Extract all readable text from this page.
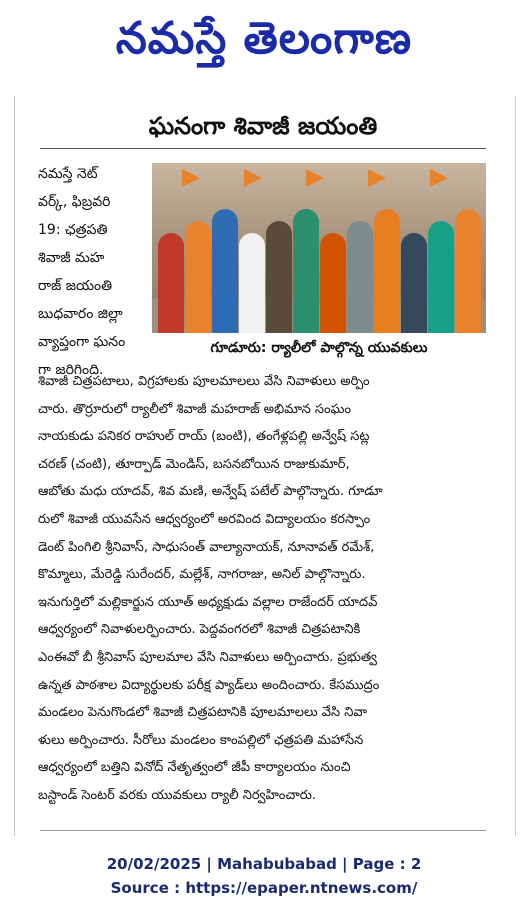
నమస్తే తెలంగాణ
ఘనంగా శివాజీ జయంతి
గూడూరు: ర్యాలీలో పాల్గొన్న యువకులు
నమస్తే నెట్
వర్క్, ఫిబ్రవరి
19: ఛత్రపతి
శివాజీ మహ
రాజ్ జయంతి
బుధవారం జిల్లా
వ్యాప్తంగా ఘనం
గా జరిగింది.
శివాజీ చిత్రపటాలు, విగ్రహాలకు పూలమాలలు వేసి నివాళులు అర్పిం
చారు. తొర్రూరులో ర్యాలీలో శివాజీ మహరాజ్ అభిమాన సంఘం
నాయకుడు పనికర రాహుల్ రాయ్ (బంటి), తంగేళ్లపల్లి అన్వేష్ సట్ల
చరణ్ (చంటి), తూర్పాడ్ మెండిస్, బసనబోయిన రాజుకుమార్,
ఆబోతు మధు యాదవ్, శివ మణి, అన్వేష్ పటేల్ పాల్గొన్నారు. గూడూ
రులో శివాజీ యువసేన ఆధ్వర్యంలో అరవింద విద్యాలయం కరస్పాం
డెంట్ పింగిలి శ్రీనివాస్, సాధుసంత్ వాల్యానాయక్, నూనావత్ రమేశ్,
కొమ్మాలు, మేరెడ్డి సురేందర్, మల్లేశ్, నాగరాజు, అనిల్ పాల్గొన్నారు.
ఇనుగుర్తిలో మల్లికార్జున యూత్ అధ్యక్షుడు వల్లాల రాజేందర్ యాదవ్
ఆధ్వర్యంలో నివాళులర్పించారు. పెద్దవంగరలో శివాజీ చిత్రపటానికి
ఎంఈవో బీ శ్రీనివాస్ పూలమాల వేసి నివాళులు అర్పించారు. ప్రభుత్వ
ఉన్నత పాఠశాల విద్యార్థులకు పరీక్ష ప్యాడ్‌లు అందించారు. కేసముద్రం
మండలం పెనుగొండలో శివాజీ చిత్రపటానికి పూలమాలలు వేసి నివా
ళులు అర్పించారు. సీరోలు మండలం కాంపల్లిలో ఛత్రపతి మహాసేన
ఆధ్వర్యంలో బత్తిని వినోద్ నేతృత్వంలో జీపీ కార్యాలయం నుంచి
బస్టాండ్ సెంటర్ వరకు యువకులు ర్యాలీ నిర్వహించారు.
20/02/2025 | Mahabubabad | Page : 2
Source : https://epaper.ntnews.com/
